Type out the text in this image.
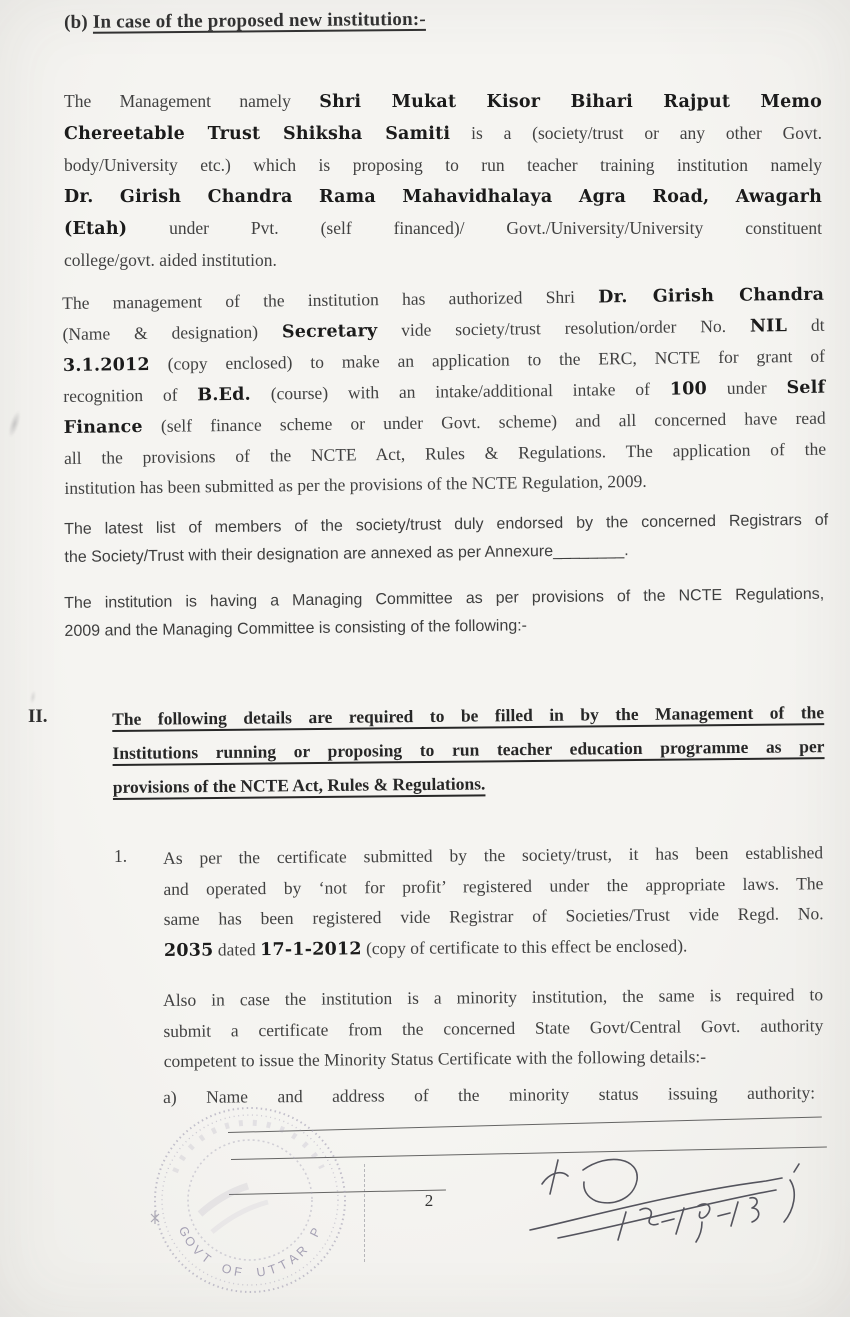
(b) In case of the proposed new institution:-
The Management namely Shri Mukat Kisor Bihari Rajput Memo
Chereetable Trust Shiksha Samiti is a (society/trust or any other Govt.
body/University etc.) which is proposing to run teacher training institution namely
Dr. Girish Chandra Rama Mahavidhalaya Agra Road, Awagarh
(Etah) under Pvt. (self financed)/ Govt./University/University constituent
college/govt. aided institution.
The management of the institution has authorized Shri Dr. Girish Chandra
(Name & designation) Secretary vide society/trust resolution/order No. NIL dt
3.1.2012 (copy enclosed) to make an application to the ERC, NCTE for grant of
recognition of B.Ed. (course) with an intake/additional intake of 100 under Self
Finance (self finance scheme or under Govt. scheme) and all concerned have read
all the provisions of the NCTE Act, Rules & Regulations. The application of the
institution has been submitted as per the provisions of the NCTE Regulation, 2009.
The latest list of members of the society/trust duly endorsed by the concerned Registrars of
the Society/Trust with their designation are annexed as per Annexure________.
The institution is having a Managing Committee as per provisions of the NCTE Regulations,
2009 and the Managing Committee is consisting of the following:-
II.	The following details are required to be filled in by the Management of the
Institutions running or proposing to run teacher education programme as per
provisions of the NCTE Act, Rules & Regulations.
1. As per the certificate submitted by the society/trust, it has been established
and operated by ‘not for profit’ registered under the appropriate laws. The
same has been registered vide Registrar of Societies/Trust vide Regd. No.
2035 dated 17-1-2012 (copy of certificate to this effect be enclosed).
Also in case the institution is a minority institution, the same is required to
submit a certificate from the concerned State Govt/Central Govt. authority
competent to issue the Minority Status Certificate with the following details:-
a) Name and address of the minority status issuing authority:
2
G
O
V
T
O
F U T
T
A
R
P
